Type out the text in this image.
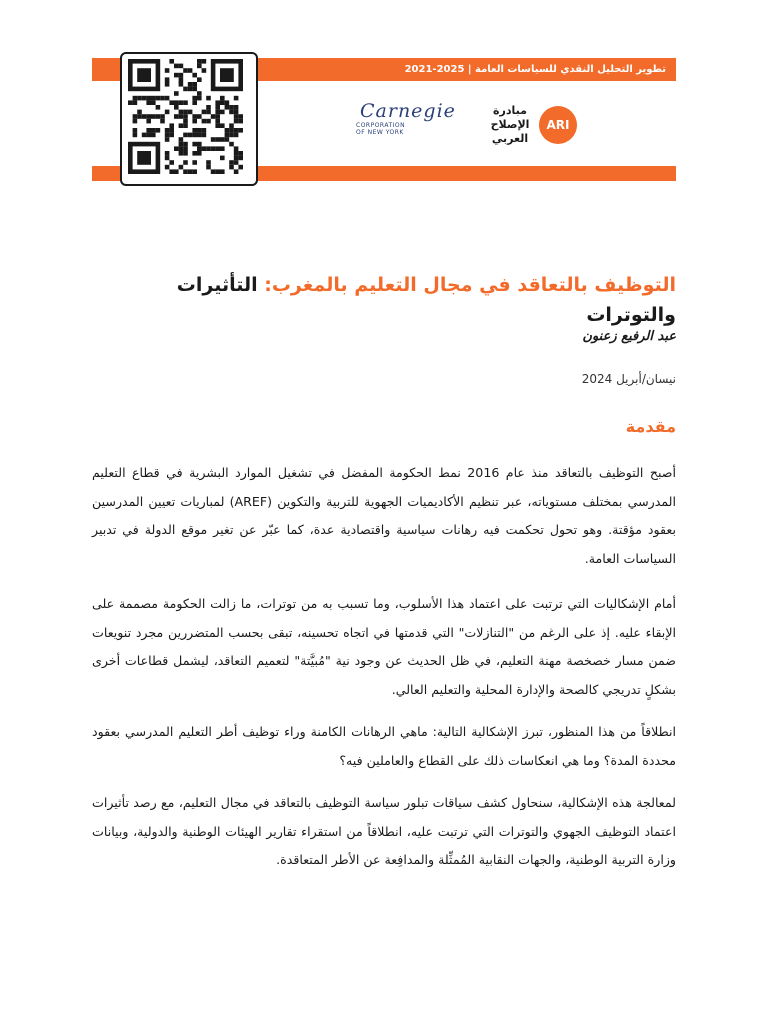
تطوير التحليل النقدي للسياسات العامة | 2025-2021
Carnegie
CORPORATION
OF NEW YORK
مبادرة
الإصلاح
العربي
ARI
التوظيف بالتعاقد في مجال التعليم بالمغرب: التأثيرات والتوترات
عبد الرفيع زعنون
نيسان/أبريل 2024
مقدمة
أصبح التوظيف بالتعاقد منذ عام 2016 نمط الحكومة المفضل في تشغيل الموارد البشرية في قطاع التعليم المدرسي بمختلف مستوياته، عبر تنظيم الأكاديميات الجهوية للتربية والتكوين (AREF) لمباريات تعيين المدرسين بعقود مؤقتة. وهو تحول تحكمت فيه رهانات سياسية واقتصادية عدة، كما عبّر عن تغير موقع الدولة في تدبير السياسات العامة.
أمام الإشكاليات التي ترتبت على اعتماد هذا الأسلوب، وما تسبب به من توترات، ما زالت الحكومة مصممة على الإبقاء عليه. إذ على الرغم من "التنازلات" التي قدمتها في اتجاه تحسينه، تبقى بحسب المتضررين مجرد تنويعات ضمن مسار خصخصة مهنة التعليم، في ظل الحديث عن وجود نية "مُبيَّتة" لتعميم التعاقد، ليشمل قطاعات أخرى بشكلٍ تدريجي كالصحة والإدارة المحلية والتعليم العالي.
انطلاقاً من هذا المنظور، تبرز الإشكالية التالية: ماهي الرهانات الكامنة وراء توظيف أطر التعليم المدرسي بعقود محددة المدة؟ وما هي انعكاسات ذلك على القطاع والعاملين فيه؟
لمعالجة هذه الإشكالية، سنحاول كشف سياقات تبلور سياسة التوظيف بالتعاقد في مجال التعليم، مع رصد تأثيرات اعتماد التوظيف الجهوي والتوترات التي ترتبت عليه، انطلاقاً من استقراء تقارير الهيئات الوطنية والدولية، وبيانات وزارة التربية الوطنية، والجهات النقابية المُمثِّلة والمدافِعة عن الأطر المتعاقدة.
